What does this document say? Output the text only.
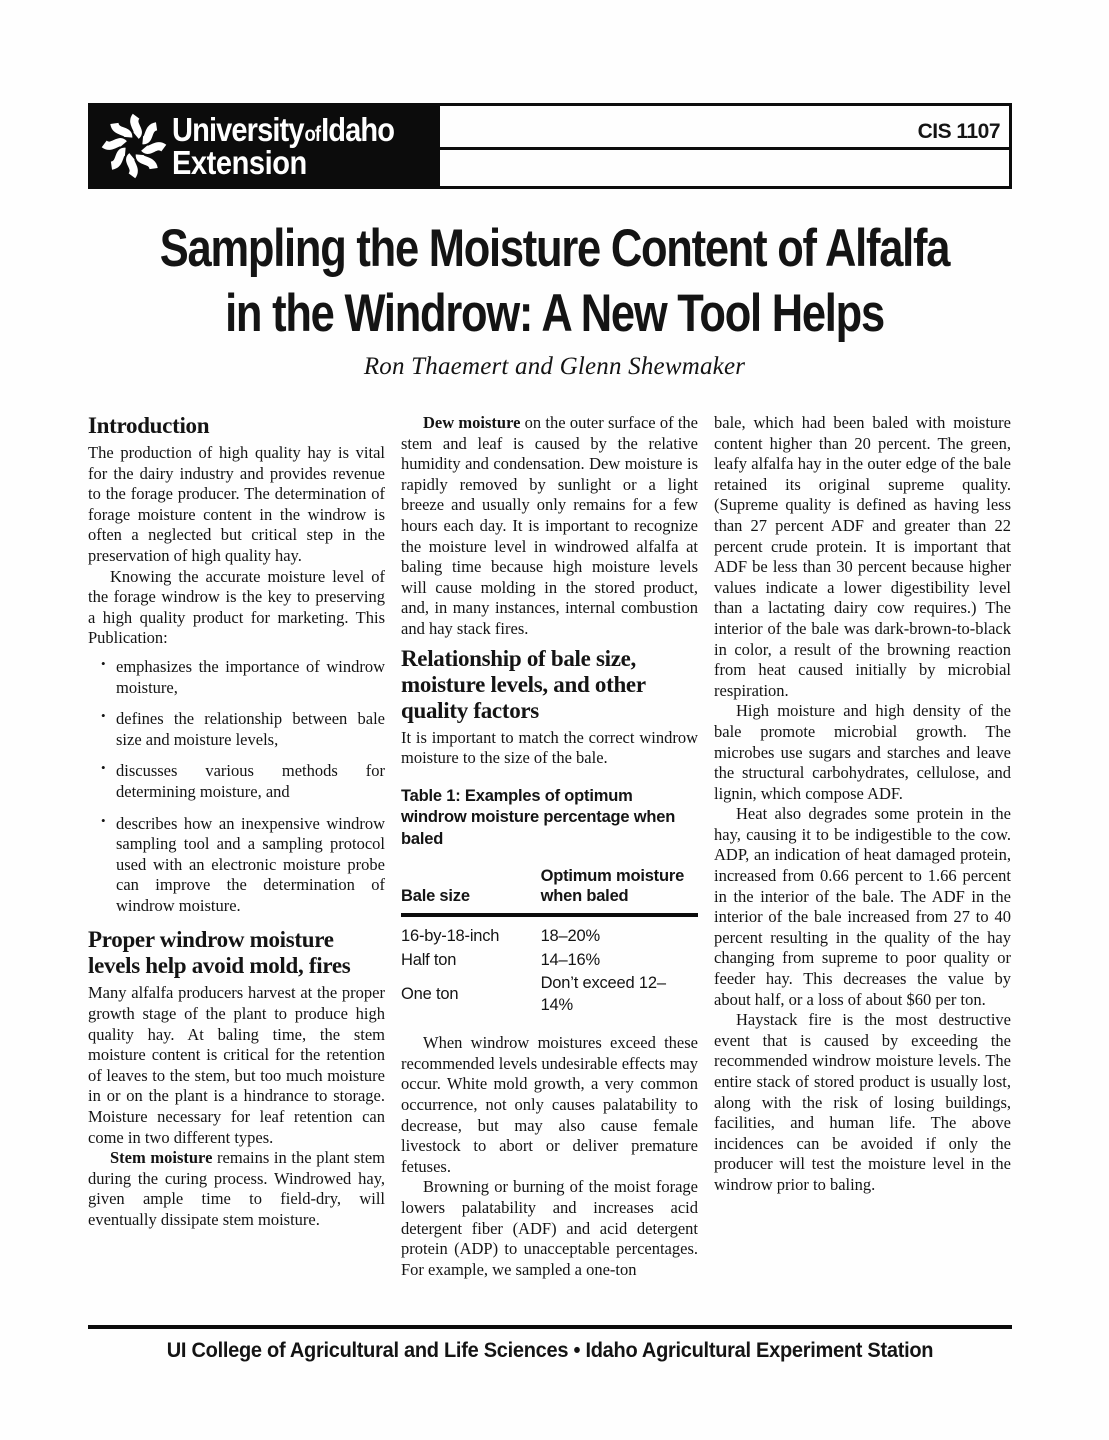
UniversityofIdaho
Extension
CIS 1107
Sampling the Moisture Content of Alfalfa
in the Windrow: A New Tool Helps
Ron Thaemert and Glenn Shewmaker
Introduction

The production of high quality hay is vital for the dairy industry and provides revenue to the forage producer. The determination of forage moisture content in the windrow is often a neglected but critical step in the preservation of high quality hay.

Knowing the accurate moisture level of the forage windrow is the key to preserving a high quality product for marketing. This Publication:

• emphasizes the importance of windrow moisture,
• defines the relationship between bale size and moisture levels,
• discusses various methods for determining moisture, and
• describes how an inexpensive windrow sampling tool and a sampling protocol used with an electronic moisture probe can improve the determination of windrow moisture.
Proper windrow moisture levels help avoid mold, fires

Many alfalfa producers harvest at the proper growth stage of the plant to produce high quality hay. At baling time, the stem moisture content is critical for the retention of leaves to the stem, but too much moisture in or on the plant is a hindrance to storage. Moisture necessary for leaf retention can come in two different types.

Stem moisture remains in the plant stem during the curing process. Windrowed hay, given ample time to field-dry, will eventually dissipate stem moisture.

Dew moisture on the outer surface of the stem and leaf is caused by the relative humidity and condensation. Dew moisture is rapidly removed by sunlight or a light breeze and usually only remains for a few hours each day. It is important to recognize the moisture level in windrowed alfalfa at baling time because high moisture levels will cause molding in the stored product, and, in many instances, internal combustion and hay stack fires.

Relationship of bale size, moisture levels, and other quality factors

It is important to match the correct windrow moisture to the size of the bale.

Table 1: Examples of optimum windrow moisture percentage when baled
Bale size	Optimum moisture when baled
16-by-18-inch	18–20%
Half ton	14–16%
One ton	Don’t exceed 12–14%

When windrow moistures exceed these recommended levels undesirable effects may occur. White mold growth, a very common occurrence, not only causes palatability to decrease, but may also cause female livestock to abort or deliver premature fetuses.

Browning or burning of the moist forage lowers palatability and increases acid detergent fiber (ADF) and acid detergent protein (ADP) to unacceptable percentages. For example, we sampled a one-ton

bale, which had been baled with moisture content higher than 20 percent. The green, leafy alfalfa hay in the outer edge of the bale retained its original supreme quality. (Supreme quality is defined as having less than 27 percent ADF and greater than 22 percent crude protein. It is important that ADF be less than 30 percent because higher values indicate a lower digestibility level than a lactating dairy cow requires.) The interior of the bale was dark-brown-to-black in color, a result of the browning reaction from heat caused initially by microbial respiration.

High moisture and high density of the bale promote microbial growth. The microbes use sugars and starches and leave the structural carbohydrates, cellulose, and lignin, which compose ADF.

Heat also degrades some protein in the hay, causing it to be indigestible to the cow. ADP, an indication of heat damaged protein, increased from 0.66 percent to 1.66 percent in the interior of the bale. The ADF in the interior of the bale increased from 27 to 40 percent resulting in the quality of the hay changing from supreme to poor quality or feeder hay. This decreases the value by about half, or a loss of about $60 per ton.

Haystack fire is the most destructive event that is caused by exceeding the recommended windrow moisture levels. The entire stack of stored product is usually lost, along with the risk of losing buildings, facilities, and human life. The above incidences can be avoided if only the producer will test the moisture level in the windrow prior to baling.

UI College of Agricultural and Life Sciences • Idaho Agricultural Experiment Station
